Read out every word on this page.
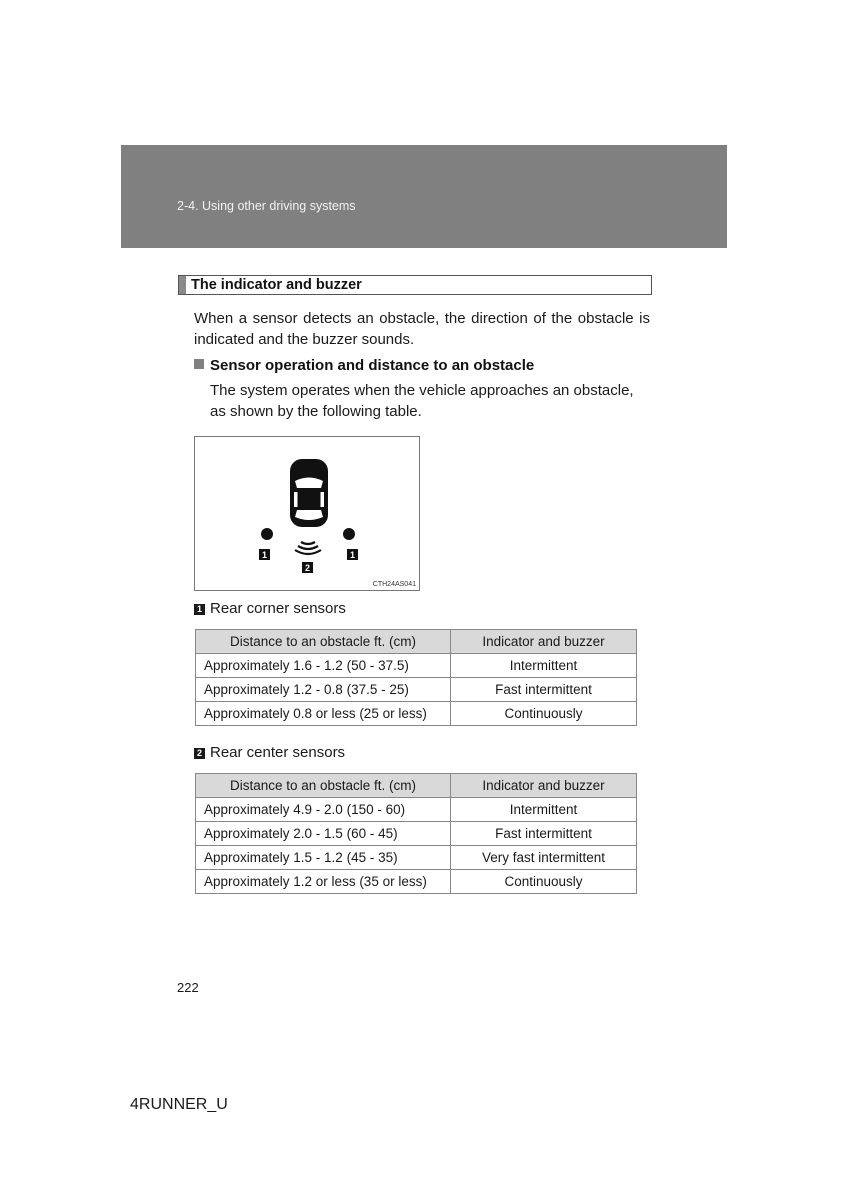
2-4. Using other driving systems
The indicator and buzzer
When a sensor detects an obstacle, the direction of the obstacle is indicated and the buzzer sounds.
Sensor operation and distance to an obstacle
The system operates when the vehicle approaches an obstacle, as shown by the following table.
1	1
2
CTH24AS041
1 Rear corner sensors
Distance to an obstacle ft. (cm)	Indicator and buzzer
Approximately 1.6 - 1.2 (50 - 37.5)	Intermittent
Approximately 1.2 - 0.8 (37.5 - 25)	Fast intermittent
Approximately 0.8 or less (25 or less)	Continuously
2 Rear center sensors
Distance to an obstacle ft. (cm)	Indicator and buzzer
Approximately 4.9 - 2.0 (150 - 60)	Intermittent
Approximately 2.0 - 1.5 (60 - 45)	Fast intermittent
Approximately 1.5 - 1.2 (45 - 35)	Very fast intermittent
Approximately 1.2 or less (35 or less)	Continuously
222
4RUNNER_U
